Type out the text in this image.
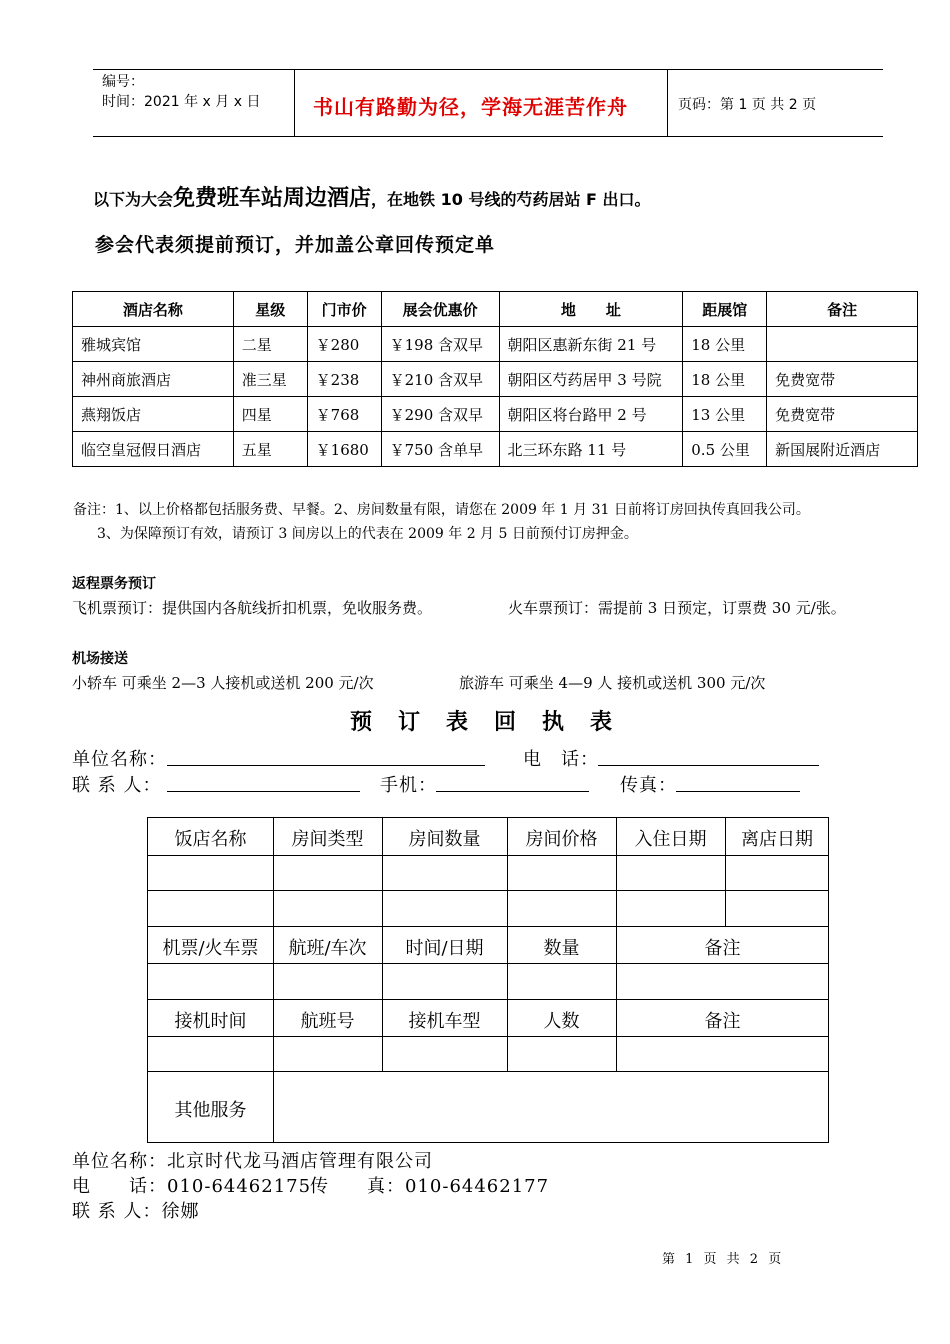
编号：
时间：2021 年 x 月 x 日	书山有路勤为径，学海无涯苦作舟	页码：第 1 页 共 2 页
以下为大会免费班车站周边酒店，在地铁 10 号线的芍药居站 F 出口。
参会代表须提前预订，并加盖公章回传预定单
酒店名称	星级	门市价	展会优惠价	地　　址	距展馆	备注
雅城宾馆	二星	￥280	￥198 含双早	朝阳区惠新东街 21 号	18 公里	
神州商旅酒店	准三星	￥238	￥210 含双早	朝阳区芍药居甲 3 号院	18 公里	免费宽带
燕翔饭店	四星	￥768	￥290 含双早	朝阳区将台路甲 2 号	13 公里	免费宽带
临空皇冠假日酒店	五星	￥1680	￥750 含单早	北三环东路 11 号	0.5 公里	新国展附近酒店
备注：1、以上价格都包括服务费、早餐。2、房间数量有限，请您在 2009 年 1 月 31 日前将订房回执传真回我公司。
3、为保障预订有效，请预订 3 间房以上的代表在 2009 年 2 月 5 日前预付订房押金。
返程票务预订
飞机票预订：提供国内各航线折扣机票，免收服务费。	火车票预订：需提前 3 日预定，订票费 30 元/张。
机场接送
小轿车 可乘坐 2—3 人接机或送机 200 元/次	旅游车 可乘坐 4—9 人 接机或送机 300 元/次
预订表回执表
单位名称：	电　话：
联 系 人：	手机：	传真：
饭店名称	房间类型	房间数量	房间价格	入住日期	离店日期
机票/火车票	航班/车次	时间/日期	数量	备注
接机时间	航班号	接机车型	人数	备注
其他服务
单位名称：北京时代龙马酒店管理有限公司
电　　话：010-64462175
传　　真：010-64462177
联 系 人：徐娜
第 1 页 共 2 页
